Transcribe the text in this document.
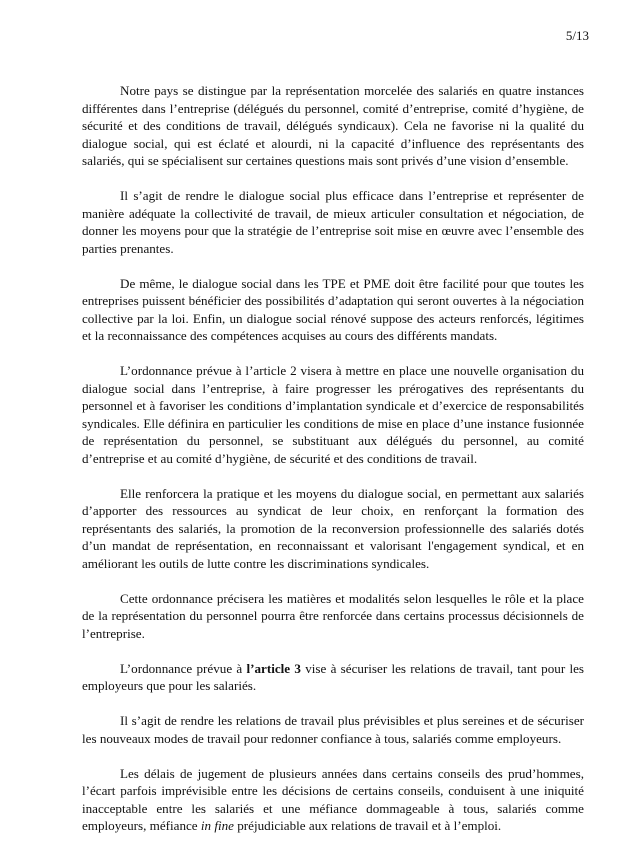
5/13

Notre pays se distingue par la représentation morcelée des salariés en quatre instances différentes dans l’entreprise (délégués du personnel, comité d’entreprise, comité d’hygiène, de sécurité et des conditions de travail, délégués syndicaux). Cela ne favorise ni la qualité du dialogue social, qui est éclaté et alourdi, ni la capacité d’influence des représentants des salariés, qui se spécialisent sur certaines questions mais sont privés d’une vision d’ensemble.

Il s’agit de rendre le dialogue social plus efficace dans l’entreprise et représenter de manière adéquate la collectivité de travail, de mieux articuler consultation et négociation, de donner les moyens pour que la stratégie de l’entreprise soit mise en œuvre avec l’ensemble des parties prenantes.

De même, le dialogue social dans les TPE et PME doit être facilité pour que toutes les entreprises puissent bénéficier des possibilités d’adaptation qui seront ouvertes à la négociation collective par la loi. Enfin, un dialogue social rénové suppose des acteurs renforcés, légitimes et la reconnaissance des compétences acquises au cours des différents mandats.

L’ordonnance prévue à l’article 2 visera à mettre en place une nouvelle organisation du dialogue social dans l’entreprise, à faire progresser les prérogatives des représentants du personnel et à favoriser les conditions d’implantation syndicale et d’exercice de responsabilités syndicales. Elle définira en particulier les conditions de mise en place d’une instance fusionnée de représentation du personnel, se substituant aux délégués du personnel, au comité d’entreprise et au comité d’hygiène, de sécurité et des conditions de travail.

Elle renforcera la pratique et les moyens du dialogue social, en permettant aux salariés d’apporter des ressources au syndicat de leur choix, en renforçant la formation des représentants des salariés, la promotion de la reconversion professionnelle des salariés dotés d’un mandat de représentation, en reconnaissant et valorisant l'engagement syndical, et en améliorant les outils de lutte contre les discriminations syndicales.

Cette ordonnance précisera les matières et modalités selon lesquelles le rôle et la place de la représentation du personnel pourra être renforcée dans certains processus décisionnels de l’entreprise.

L’ordonnance prévue à l’article 3 vise à sécuriser les relations de travail, tant pour les employeurs que pour les salariés.

Il s’agit de rendre les relations de travail plus prévisibles et plus sereines et de sécuriser les nouveaux modes de travail pour redonner confiance à tous, salariés comme employeurs.

Les délais de jugement de plusieurs années dans certains conseils des prud’hommes, l’écart parfois imprévisible entre les décisions de certains conseils, conduisent à une iniquité inacceptable entre les salariés et une méfiance dommageable à tous, salariés comme employeurs, méfiance in fine préjudiciable aux relations de travail et à l’emploi.
